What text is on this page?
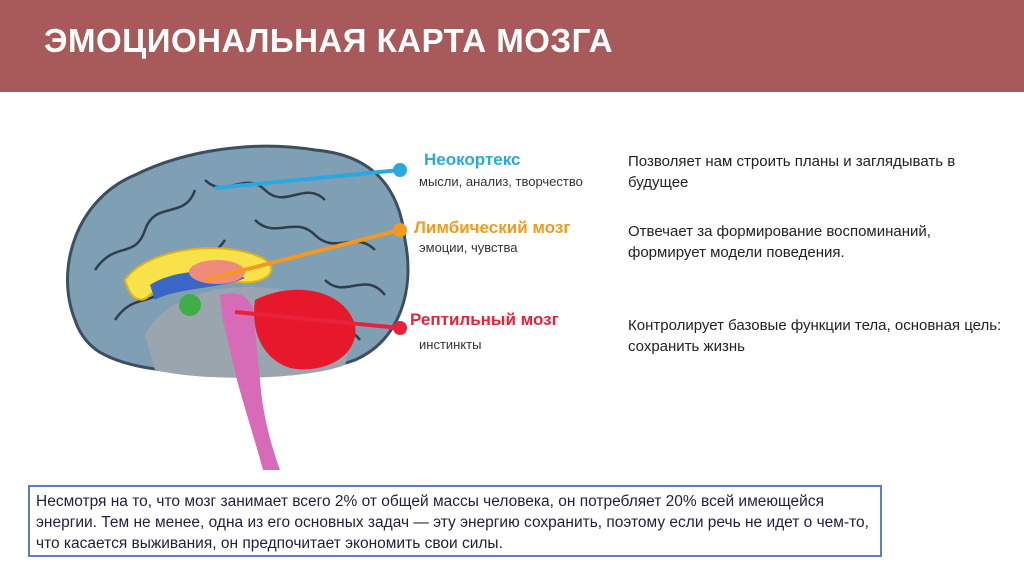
ЭМОЦИОНАЛЬНАЯ КАРТА МОЗГА
Неокортекс
мысли, анализ, творчество
Лимбический мозг
эмоции, чувства
Рептильный мозг
инстинкты
Позволяет нам строить планы и заглядывать в будущее
Отвечает за формирование воспоминаний, формирует модели поведения.
Контролирует базовые функции тела, основная цель: сохранить жизнь
Несмотря на то, что мозг занимает всего 2% от общей массы человека, он потребляет 20% всей имеющейся энергии. Тем не менее, одна из его основных задач — эту энергию сохранить, поэтому если речь не идет о чем-то, что касается выживания, он предпочитает экономить свои силы.
